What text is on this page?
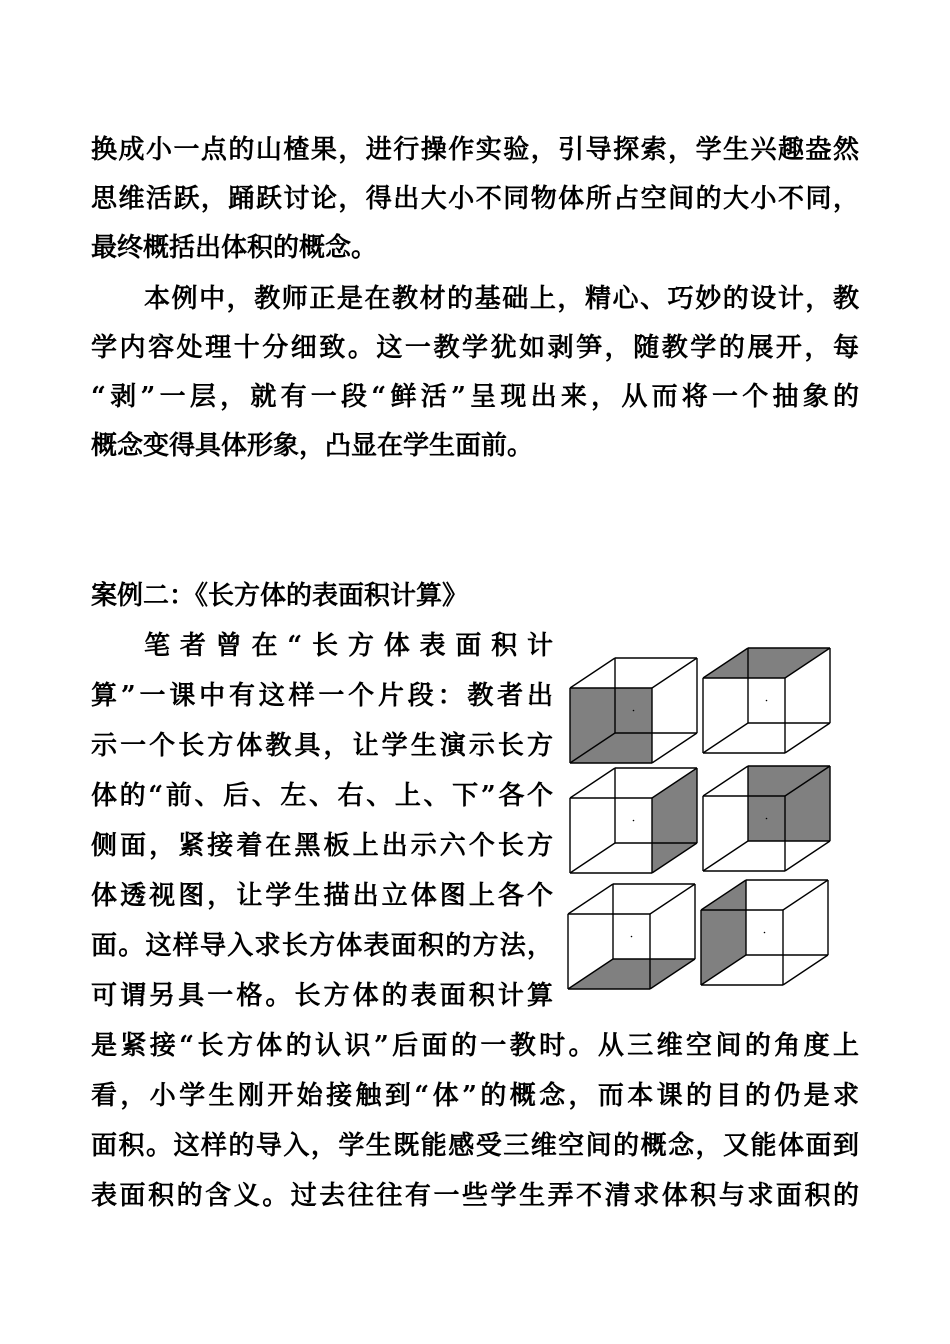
换成小一点的山楂果，进行操作实验，引导探索，学生兴趣盎然
思维活跃，踊跃讨论，得出大小不同物体所占空间的大小不同，
最终概括出体积的概念。
本例中，教师正是在教材的基础上，精心、巧妙的设计，教
学内容处理十分细致。这一教学犹如剥笋，随教学的展开，每
“剥”一层，就有一段“鲜活”呈现出来，从而将一个抽象的
概念变得具体形象，凸显在学生面前。
案例二：《长方体的表面积计算》
笔者曾在“长方体表面积计
算”一课中有这样一个片段：教者出
示一个长方体教具，让学生演示长方
体的“前、后、左、右、上、下”各个
侧面，紧接着在黑板上出示六个长方
体透视图，让学生描出立体图上各个
面。这样导入求长方体表面积的方法，
可谓另具一格。长方体的表面积计算
是紧接“长方体的认识”后面的一教时。从三维空间的角度上
看，小学生刚开始接触到“体”的概念，而本课的目的仍是求
面积。这样的导入，学生既能感受三维空间的概念，又能体面到
表面积的含义。过去往往有一些学生弄不清求体积与求面积的
